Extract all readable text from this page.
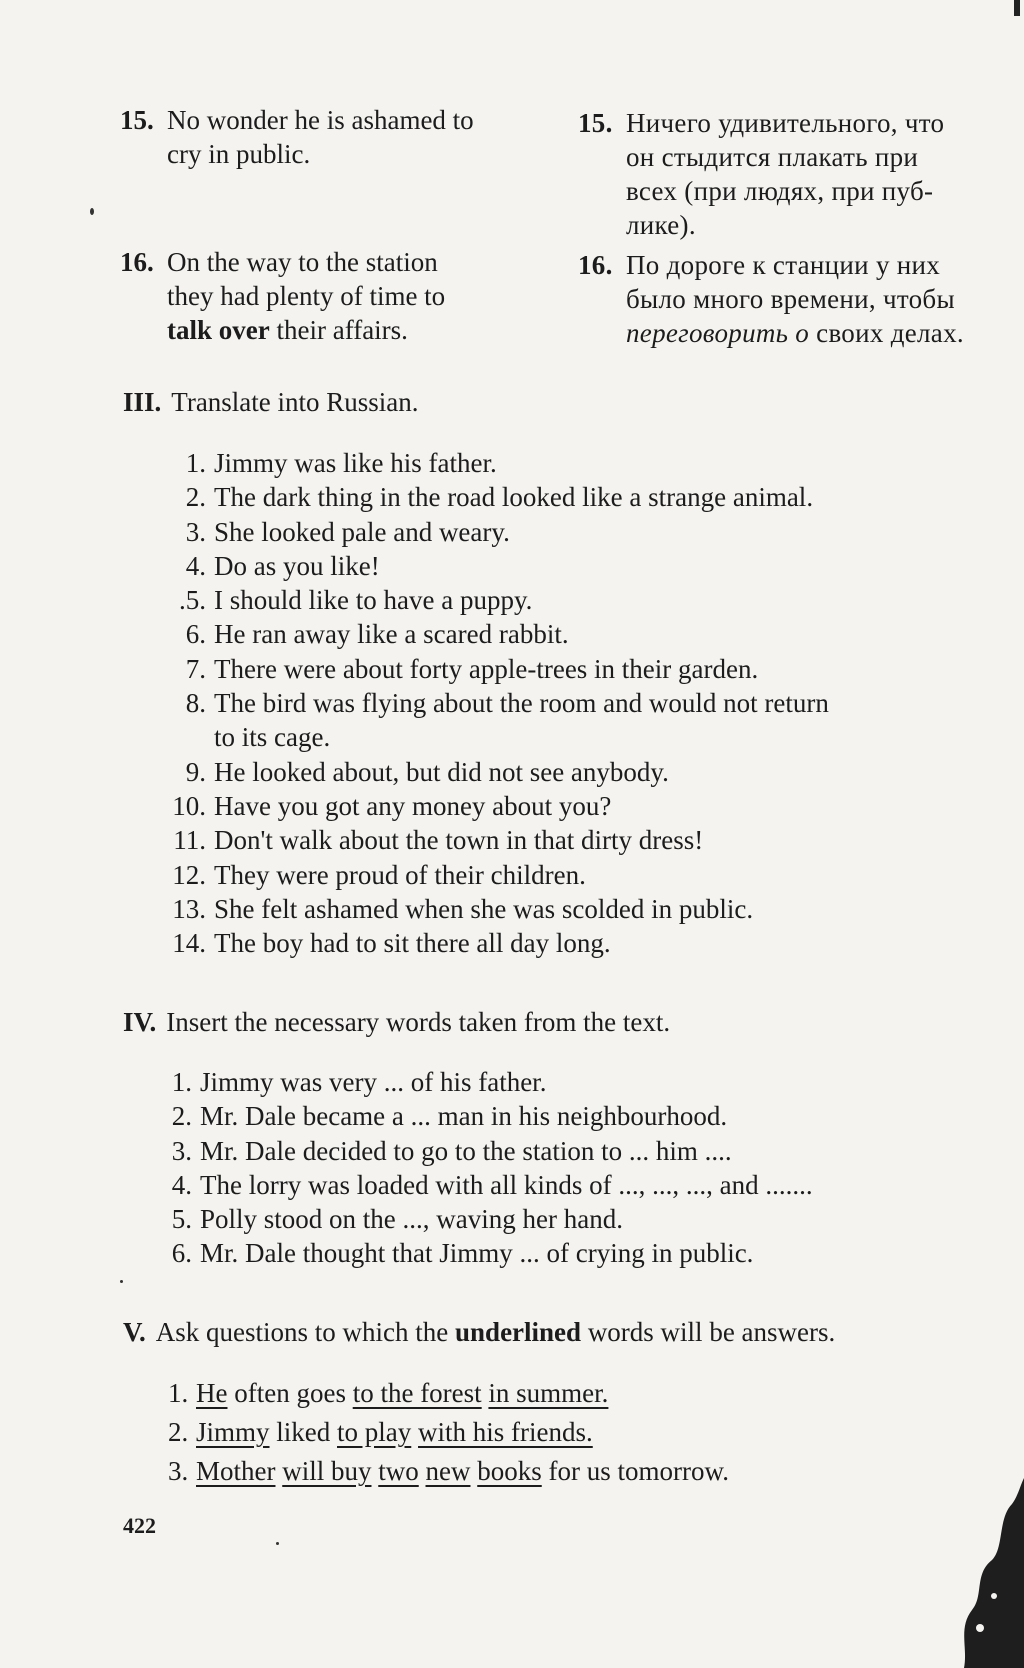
15. No wonder he is ashamed to
cry in public.
15. Ничего удивительного, что
он стыдится плакать при
всех (при людях, при пуб-
лике).
16. On the way to the station
they had plenty of time to
talk over their affairs.
16. По дороге к станции у них
было много времени, чтобы
переговорить о своих делах.
III. Translate into Russian.
1. Jimmy was like his father.
2. The dark thing in the road looked like a strange animal.
3. She looked pale and weary.
4. Do as you like!
.5. I should like to have a puppy.
6. He ran away like a scared rabbit.
7. There were about forty apple-trees in their garden.
8. The bird was flying about the room and would not return
to its cage.
9. He looked about, but did not see anybody.
10. Have you got any money about you?
11. Don't walk about the town in that dirty dress!
12. They were proud of their children.
13. She felt ashamed when she was scolded in public.
14. The boy had to sit there all day long.
IV. Insert the necessary words taken from the text.
1. Jimmy was very ... of his father.
2. Mr. Dale became a ... man in his neighbourhood.
3. Mr. Dale decided to go to the station to ... him ....
4. The lorry was loaded with all kinds of ..., ..., ..., and .......
5. Polly stood on the ..., waving her hand.
6. Mr. Dale thought that Jimmy ... of crying in public.
V. Ask questions to which the underlined words will be answers.
1. He often goes to the forest in summer.
2. Jimmy liked to play with his friends.
3. Mother will buy two new books for us tomorrow.
422
